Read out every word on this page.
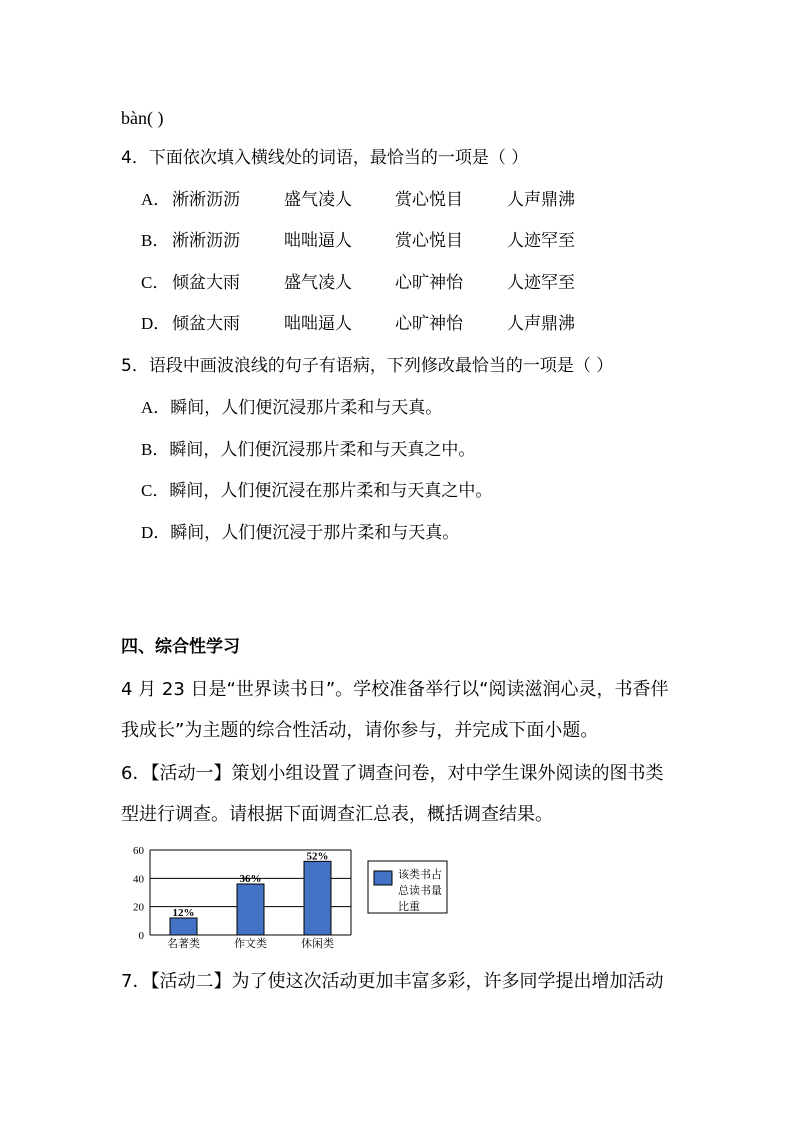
bàn( )
4．下面依次填入横线处的词语，最恰当的一项是（ ）
A． 淅淅沥沥	盛气凌人	赏心悦目	人声鼎沸
B． 淅淅沥沥	咄咄逼人	赏心悦目	人迹罕至
C． 倾盆大雨	盛气凌人	心旷神怡	人迹罕至
D． 倾盆大雨	咄咄逼人	心旷神怡	人声鼎沸
5．语段中画波浪线的句子有语病，下列修改最恰当的一项是（ ）
A．瞬间，人们便沉浸那片柔和与天真。
B．瞬间，人们便沉浸那片柔和与天真之中。
C．瞬间，人们便沉浸在那片柔和与天真之中。
D．瞬间，人们便沉浸于那片柔和与天真。
四、综合性学习
4 月 23 日是“世界读书日”。学校准备举行以“阅读滋润心灵，书香伴
我成长”为主题的综合性活动，请你参与，并完成下面小题。
6．【活动一】策划小组设置了调查问卷，对中学生课外阅读的图书类
型进行调查。请根据下面调查汇总表，概括调查结果。
60
40
20
0
12%
36%
52%
名著类	作文类	休闲类
该类书占
总读书量
比重
7．【活动二】为了使这次活动更加丰富多彩，许多同学提出增加活动
